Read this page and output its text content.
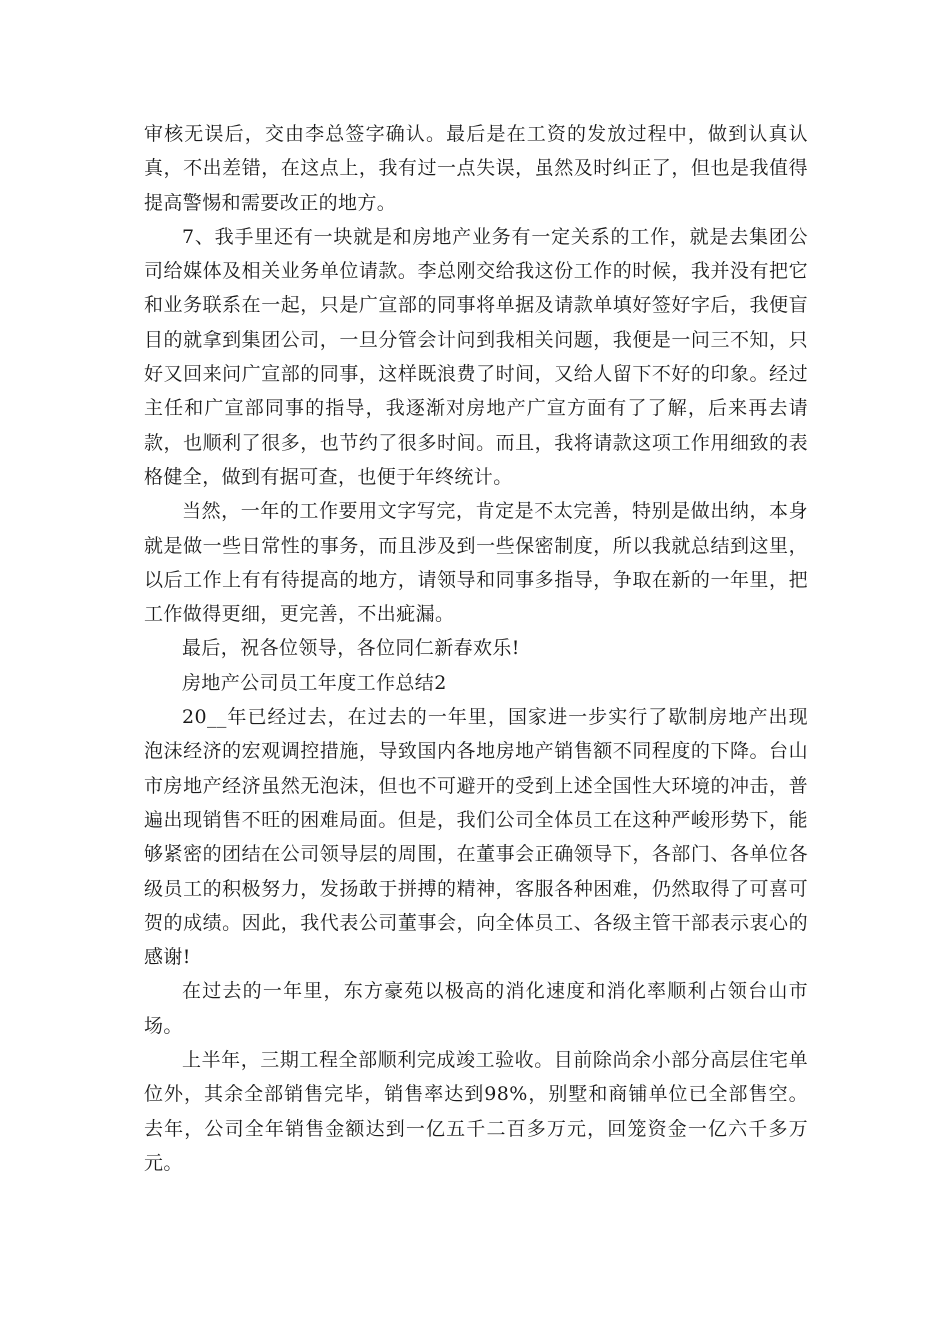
审核无误后，交由李总签字确认。最后是在工资的发放过程中，做到认真认真，不出差错，在这点上，我有过一点失误，虽然及时纠正了，但也是我值得提高警惕和需要改正的地方。

7、我手里还有一块就是和房地产业务有一定关系的工作，就是去集团公司给媒体及相关业务单位请款。李总刚交给我这份工作的时候，我并没有把它和业务联系在一起，只是广宣部的同事将单据及请款单填好签好字后，我便盲目的就拿到集团公司，一旦分管会计问到我相关问题，我便是一问三不知，只好又回来问广宣部的同事，这样既浪费了时间，又给人留下不好的印象。经过主任和广宣部同事的指导，我逐渐对房地产广宣方面有了了解，后来再去请款，也顺利了很多，也节约了很多时间。而且，我将请款这项工作用细致的表格健全，做到有据可查，也便于年终统计。

当然，一年的工作要用文字写完，肯定是不太完善，特别是做出纳，本身就是做一些日常性的事务，而且涉及到一些保密制度，所以我就总结到这里，以后工作上有有待提高的地方，请领导和同事多指导，争取在新的一年里，把工作做得更细，更完善，不出疵漏。

最后，祝各位领导，各位同仁新春欢乐!

房地产公司员工年度工作总结2

20__年已经过去，在过去的一年里，国家进一步实行了歇制房地产出现泡沫经济的宏观调控措施，导致国内各地房地产销售额不同程度的下降。台山市房地产经济虽然无泡沫，但也不可避开的受到上述全国性大环境的冲击，普遍出现销售不旺的困难局面。但是，我们公司全体员工在这种严峻形势下，能够紧密的团结在公司领导层的周围，在董事会正确领导下，各部门、各单位各级员工的积极努力，发扬敢于拼搏的精神，客服各种困难，仍然取得了可喜可贺的成绩。因此，我代表公司董事会，向全体员工、各级主管干部表示衷心的感谢!

在过去的一年里，东方豪苑以极高的消化速度和消化率顺利占领台山市场。

上半年，三期工程全部顺利完成竣工验收。目前除尚余小部分高层住宅单位外，其余全部销售完毕，销售率达到98%，别墅和商铺单位已全部售空。去年，公司全年销售金额达到一亿五千二百多万元，回笼资金一亿六千多万元。
